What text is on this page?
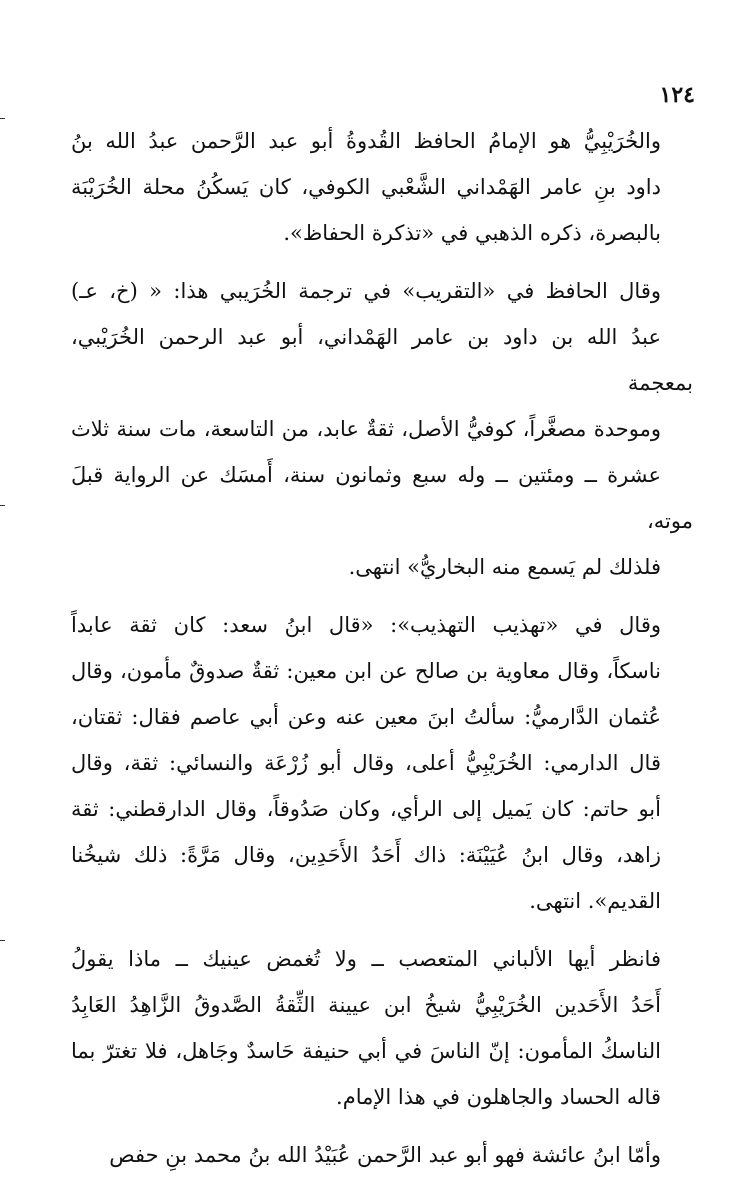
١٢٤

والخُرَيْبِيُّ هو الإمامُ الحافظ القُدوةُ أبو عبد الرَّحمن عبدُ الله بنُ
داود بنِ عامر الهَمْداني الشَّعْبي الكوفي، كان يَسكُنُ محلة الخُرَيْبَة
بالبصرة، ذكره الذهبي في «تذكرة الحفاظ».

وقال الحافظ في «التقريب» في ترجمة الخُرَيبي هذا: « (خ، عـ)
عبدُ الله بن داود بن عامر الهَمْداني، أبو عبد الرحمن الخُرَيْبي، بمعجمة
وموحدة مصغَّراً، كوفيُّ الأصل، ثقةٌ عابد، من التاسعة، مات سنة ثلاث
عشرة ــ ومئتين ــ وله سبع وثمانون سنة، أَمسَك عن الرواية قبلَ موته،
فلذلك لم يَسمع منه البخاريُّ» انتهى.

وقال في «تهذيب التهذيب»: «قال ابنُ سعد: كان ثقة عابداً
ناسكاً، وقال معاوية بن صالح عن ابن معين: ثقةٌ صدوقٌ مأمون، وقال
عُثمان الدَّارميُّ: سألتُ ابنَ معين عنه وعن أبي عاصم فقال: ثقتان،
قال الدارمي: الخُرَيْبِيُّ أعلى، وقال أبو زُرْعَة والنسائي: ثقة، وقال
أبو حاتم: كان يَميل إلى الرأي، وكان صَدُوقاً، وقال الدارقطني: ثقة
زاهد، وقال ابنُ عُيَيْنَة: ذاك أَحَدُ الأَحَدِين، وقال مَرَّةً: ذلك شيخُنا
القديم». انتهى.

فانظر أيها الألباني المتعصب ــ ولا تُغمض عينيك ــ ماذا يقولُ
أَحَدُ الأَحَدين الخُرَيْبِيُّ شيخُ ابن عيينة الثِّقةُ الصَّدوقُ الزَّاهِدُ العَابِدُ
الناسكُ المأمون: إنّ الناسَ في أبي حنيفة حَاسدٌ وجَاهل، فلا تغترّ بما
قاله الحساد والجاهلون في هذا الإمام.

وأمّا ابنُ عائشة فهو أبو عبد الرَّحمن عُبَيْدُ الله بنُ محمد بنِ حفص
